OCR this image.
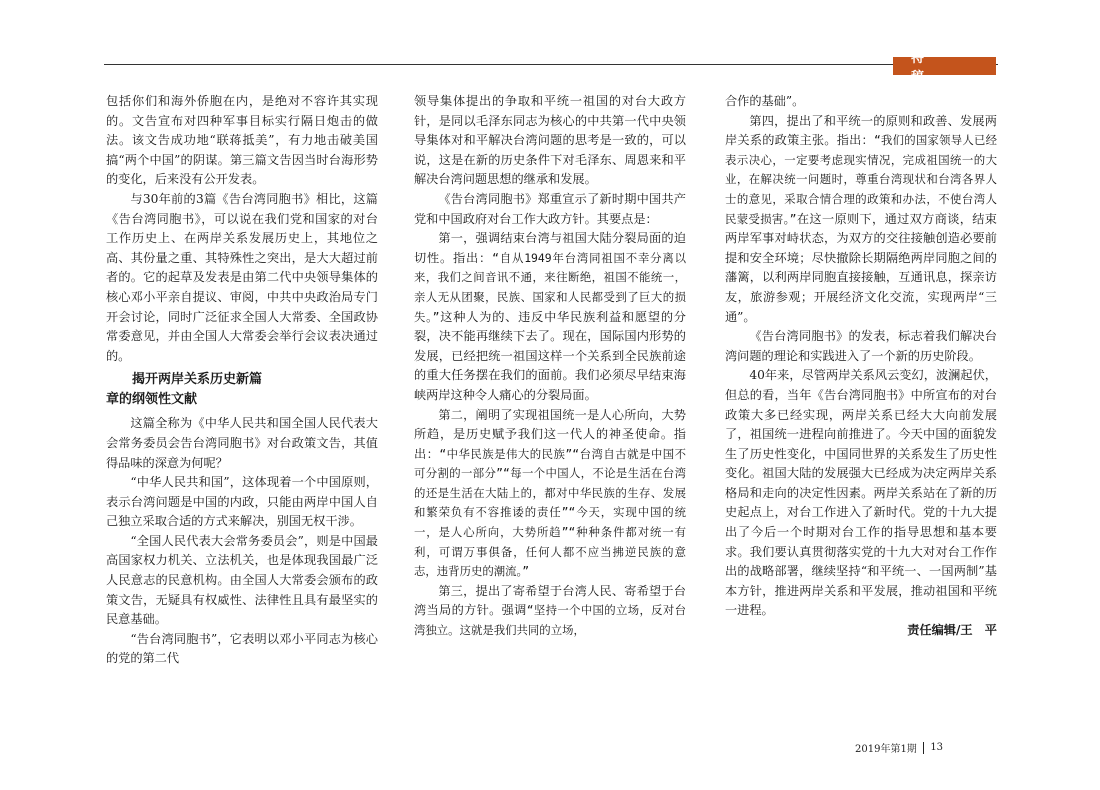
特　稿

包括你们和海外侨胞在内，是绝对不容许其实现的。文告宣布对四种军事目标实行隔日炮击的做法。该文告成功地“联蒋抵美”，有力地击破美国搞“两个中国”的阴谋。第三篇文告因当时台海形势的变化，后来没有公开发表。

与30年前的3篇《告台湾同胞书》相比，这篇《告台湾同胞书》，可以说在我们党和国家的对台工作历史上、在两岸关系发展历史上，其地位之高、其份量之重、其特殊性之突出，是大大超过前者的。它的起草及发表是由第二代中央领导集体的核心邓小平亲自提议、审阅，中共中央政治局专门开会讨论，同时广泛征求全国人大常委、全国政协常委意见，并由全国人大常委会举行会议表决通过的。

揭开两岸关系历史新篇
章的纲领性文献

这篇全称为《中华人民共和国全国人民代表大会常务委员会告台湾同胞书》对台政策文告，其值得品味的深意为何呢？

“中华人民共和国”，这体现着一个中国原则，表示台湾问题是中国的内政，只能由两岸中国人自己独立采取合适的方式来解决，别国无权干涉。

“全国人民代表大会常务委员会”，则是中国最高国家权力机关、立法机关，也是体现我国最广泛人民意志的民意机构。由全国人大常委会颁布的政策文告，无疑具有权威性、法律性且具有最坚实的民意基础。

“告台湾同胞书”，它表明以邓小平同志为核心的党的第二代

领导集体提出的争取和平统一祖国的对台大政方针，是同以毛泽东同志为核心的中共第一代中央领导集体对和平解决台湾问题的思考是一致的，可以说，这是在新的历史条件下对毛泽东、周恩来和平解决台湾问题思想的继承和发展。

《告台湾同胞书》郑重宣示了新时期中国共产党和中国政府对台工作大政方针。其要点是：

第一，强调结束台湾与祖国大陆分裂局面的迫切性。指出：“自从1949年台湾同祖国不幸分离以来，我们之间音讯不通，来往断绝，祖国不能统一，亲人无从团聚，民族、国家和人民都受到了巨大的损失。”这种人为的、违反中华民族利益和愿望的分裂，决不能再继续下去了。现在，国际国内形势的发展，已经把统一祖国这样一个关系到全民族前途的重大任务摆在我们的面前。我们必须尽早结束海峡两岸这种令人痛心的分裂局面。

第二，阐明了实现祖国统一是人心所向，大势所趋，是历史赋予我们这一代人的神圣使命。指出：“中华民族是伟大的民族”“台湾自古就是中国不可分割的一部分”“每一个中国人，不论是生活在台湾的还是生活在大陆上的，都对中华民族的生存、发展和繁荣负有不容推诿的责任”“今天，实现中国的统一，是人心所向，大势所趋”“种种条件都对统一有利，可谓万事俱备，任何人都不应当拂逆民族的意志，违背历史的潮流。”

第三，提出了寄希望于台湾人民、寄希望于台湾当局的方针。强调“坚持一个中国的立场，反对台湾独立。这就是我们共同的立场，

合作的基础”。

第四，提出了和平统一的原则和政善、发展两岸关系的政策主张。指出：“我们的国家领导人已经表示决心，一定要考虑现实情况，完成祖国统一的大业，在解决统一问题时，尊重台湾现状和台湾各界人士的意见，采取合情合理的政策和办法，不使台湾人民蒙受损害。”在这一原则下，通过双方商谈，结束两岸军事对峙状态，为双方的交往接触创造必要前提和安全环境；尽快撤除长期隔绝两岸同胞之间的藩篱，以利两岸同胞直接接触，互通讯息，探亲访友，旅游参观；开展经济文化交流，实现两岸“三通”。

《告台湾同胞书》的发表，标志着我们解决台湾问题的理论和实践进入了一个新的历史阶段。

40年来，尽管两岸关系风云变幻，波澜起伏，但总的看，当年《告台湾同胞书》中所宣布的对台政策大多已经实现，两岸关系已经大大向前发展了，祖国统一进程向前推进了。今天中国的面貌发生了历史性变化，中国同世界的关系发生了历史性变化。祖国大陆的发展强大已经成为决定两岸关系格局和走向的决定性因素。两岸关系站在了新的历史起点上，对台工作进入了新时代。党的十九大提出了今后一个时期对台工作的指导思想和基本要求。我们要认真贯彻落实党的十九大对对台工作作出的战略部署，继续坚持“和平统一、一国两制”基本方针，推进两岸关系和平发展，推动祖国和平统一进程。

责任编辑/王　平
2019年第1期 13
